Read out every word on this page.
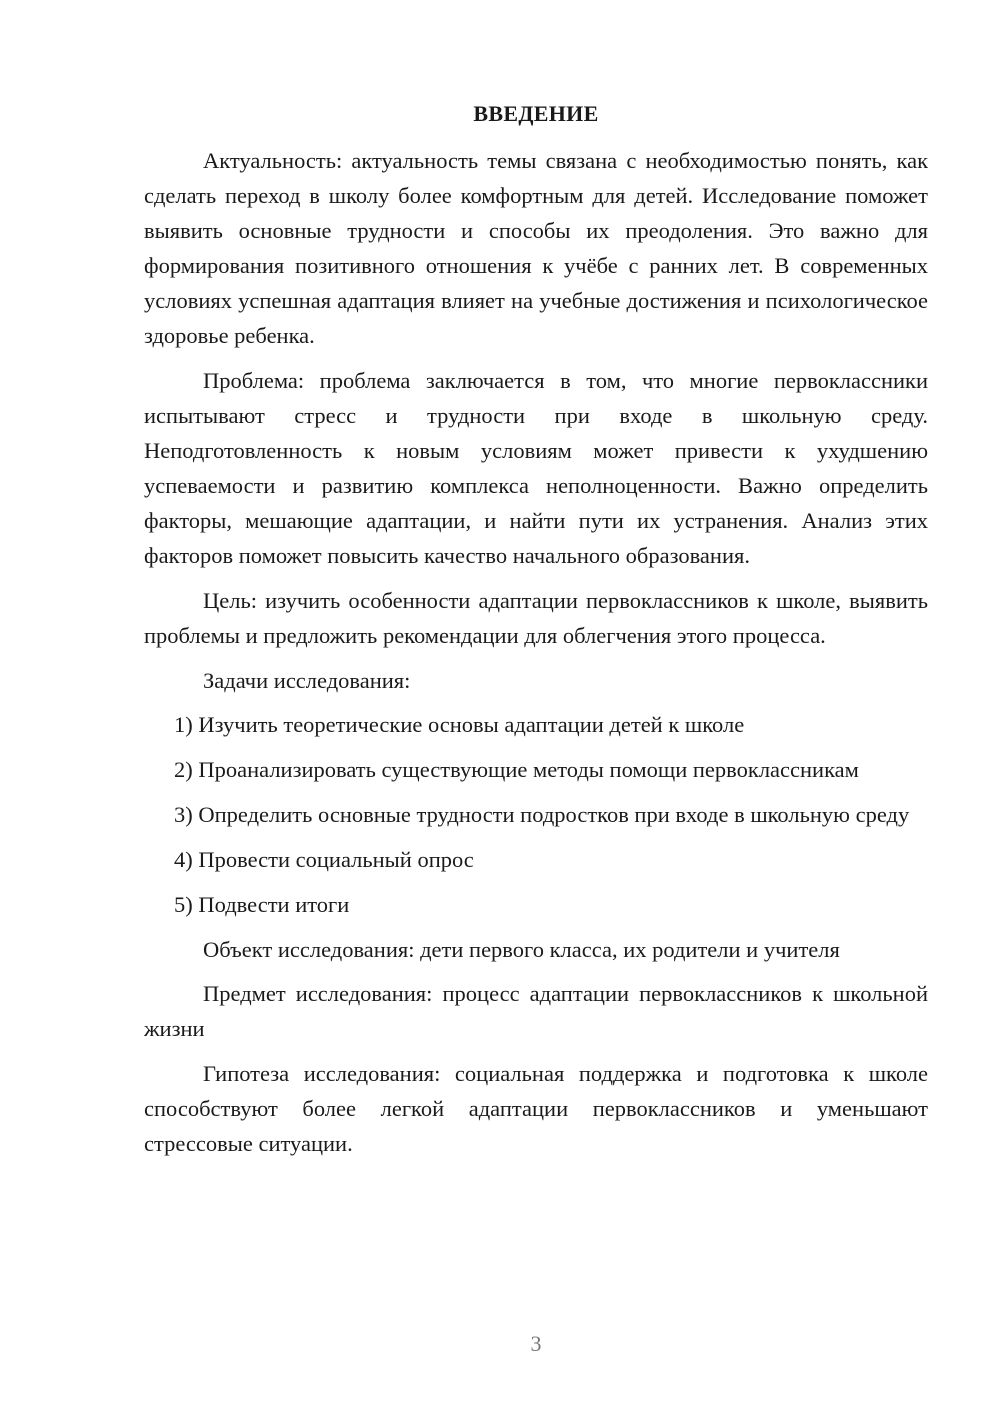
ВВЕДЕНИЕ

Актуальность: актуальность темы связана с необходимостью понять, как сделать переход в школу более комфортным для детей. Исследование поможет выявить основные трудности и способы их преодоления. Это важно для формирования позитивного отношения к учёбе с ранних лет. В современных условиях успешная адаптация влияет на учебные достижения и психологическое здоровье ребенка.

Проблема: проблема заключается в том, что многие первоклассники испытывают стресс и трудности при входе в школьную среду. Неподготовленность к новым условиям может привести к ухудшению успеваемости и развитию комплекса неполноценности. Важно определить факторы, мешающие адаптации, и найти пути их устранения. Анализ этих факторов поможет повысить качество начального образования.

Цель: изучить особенности адаптации первоклассников к школе, выявить проблемы и предложить рекомендации для облегчения этого процесса.

Задачи исследования:

1) Изучить теоретические основы адаптации детей к школе

2) Проанализировать существующие методы помощи первоклассникам

3) Определить основные трудности подростков при входе в школьную среду

4) Провести социальный опрос

5) Подвести итоги

Объект исследования: дети первого класса, их родители и учителя

Предмет исследования: процесс адаптации первоклассников к школьной жизни

Гипотеза исследования: социальная поддержка и подготовка к школе способствуют более легкой адаптации первоклассников и уменьшают стрессовые ситуации.

3
